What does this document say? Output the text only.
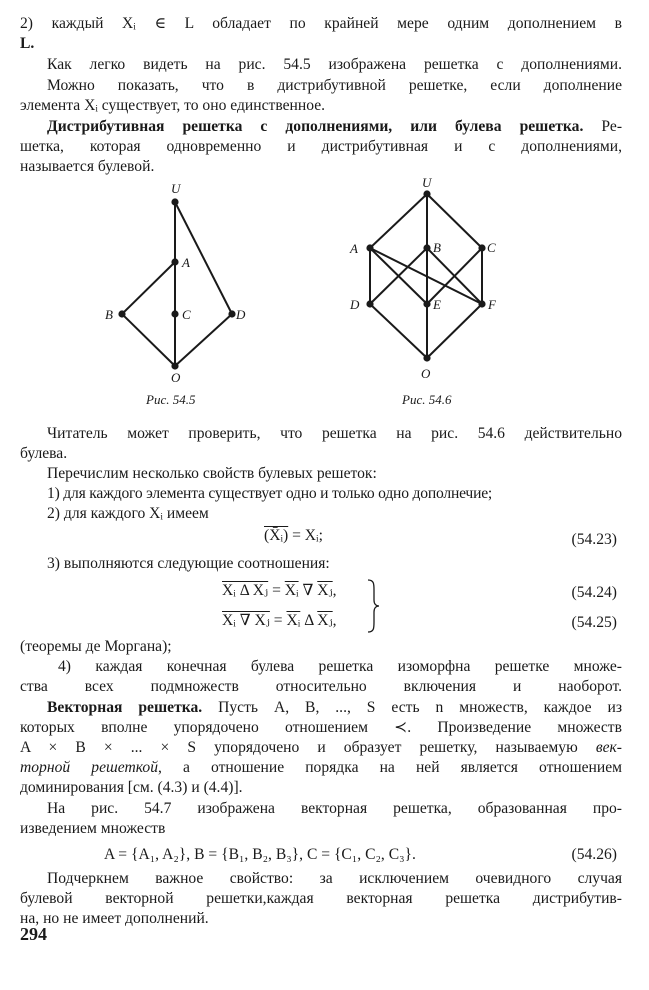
2) каждый Xᵢ ∈ L обладает по крайней мере одним дополнением в
L.
Как легко видеть на рис. 54.5 изображена решетка с дополнениями.
Можно показать, что в дистрибутивной решетке, если дополнение
элемента Xᵢ существует, то оно единственное.
Дистрибутивная решетка с дополнениями, или булева решетка. Ре-
шетка, которая одновременно и дистрибутивная и с дополнениями,
называется булевой.
U
A
B	C	D
O
U
A	B	C
D	E	F
O
Рис. 54.5	Рис. 54.6
Читатель может проверить, что решетка на рис. 54.6 действительно
булева.
Перечислим несколько свойств булевых решеток:
1) для каждого элемента существует одно и только одно дополнечие;
2) для каждого Xᵢ имеем
(X̄ᵢ) = Xᵢ;	(54.23)
3) выполняются следующие соотношения:
Xᵢ Δ Xⱼ = $\overline{Xᵢ}$ ∇ $\overline{Xⱼ}$,	(54.24)
Xᵢ ∇ Xⱼ = $\overline{Xᵢ}$ Δ $\overline{Xⱼ}$,	(54.25)
(теоремы де Моргана);
4) каждая конечная булева решетка изоморфна решетке множе-
ства всех подмножеств относительно включения и наоборот.
Векторная решетка. Пусть A, B, ..., S есть n множеств, каждое из
которых вполне упорядочено отношением ≺. Произведение множеств
A × B × ... × S упорядочено и образует решетку, называемую век-
торной решеткой, а отношение порядка на ней является отношением
доминирования [см. (4.3) и (4.4)].
На рис. 54.7 изображена векторная решетка, образованная про-
изведением множеств
A = {A₁, A₂}, B = {B₁, B₂, B₃}, C = {C₁, C₂, C₃}.	(54.26)
Подчеркнем важное свойство: за исключением очевидного случая
булевой векторной решетки,каждая векторная решетка дистрибутив-
на, но не имеет дополнений.
294
